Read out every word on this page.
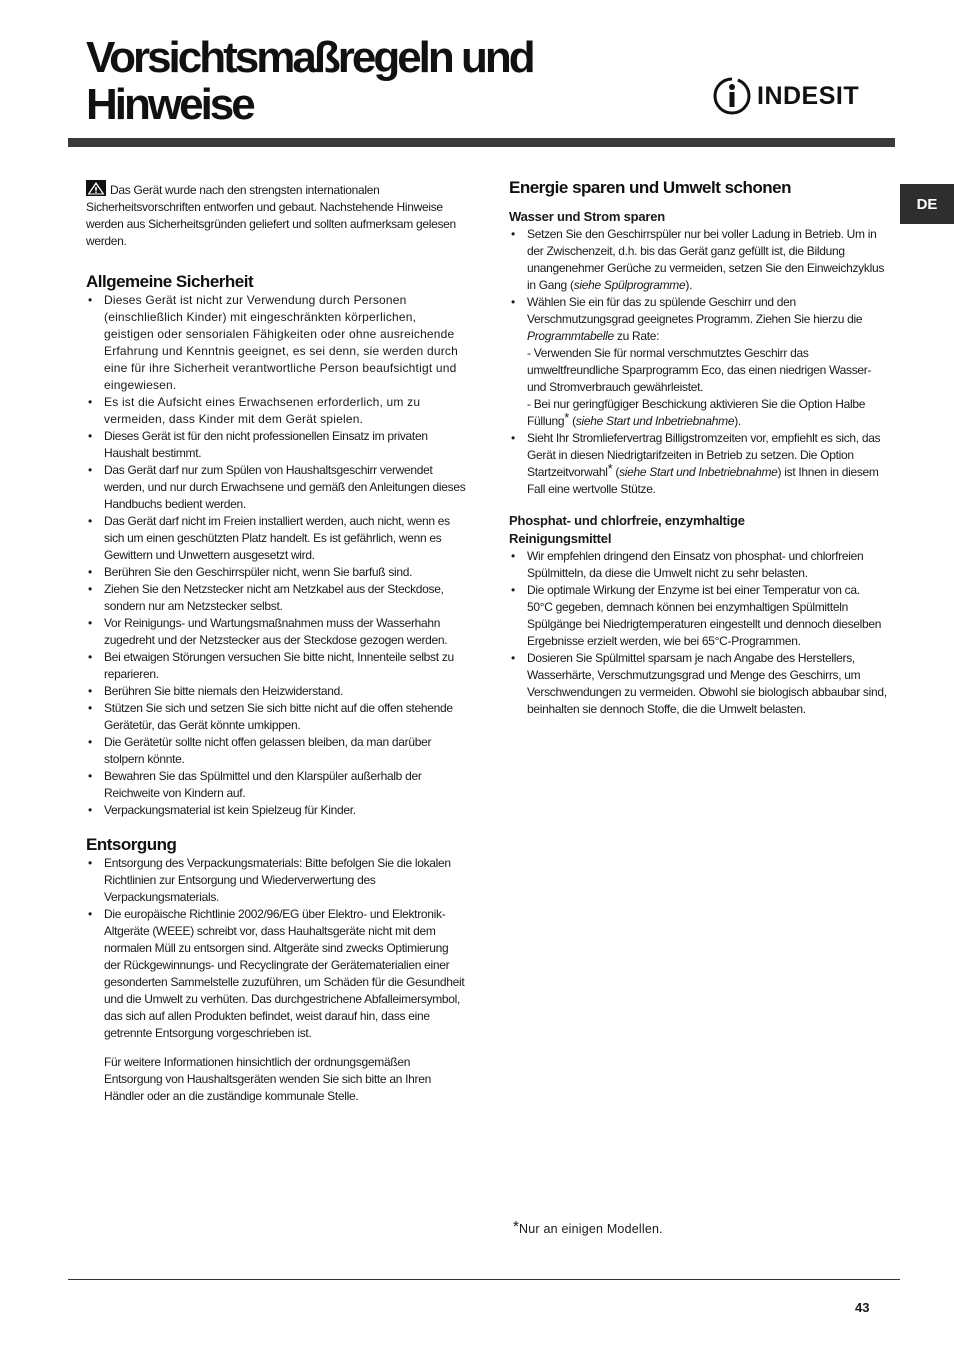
Vorsichtsmaßregeln und
Hinweise	INDESIT
DE

Das Gerät wurde nach den strengsten internationalen Sicherheitsvorschriften entworfen und gebaut. Nachstehende Hinweise werden aus Sicherheitsgründen geliefert und sollten aufmerksam gelesen werden.

Allgemeine Sicherheit
• Dieses Gerät ist nicht zur Verwendung durch Personen (einschließlich Kinder) mit eingeschränkten körperlichen, geistigen oder sensorialen Fähigkeiten oder ohne ausreichende Erfahrung und Kenntnis geeignet, es sei denn, sie werden durch eine für ihre Sicherheit verantwortliche Person beaufsichtigt und eingewiesen.
• Es ist die Aufsicht eines Erwachsenen erforderlich, um zu vermeiden, dass Kinder mit dem Gerät spielen.
• Dieses Gerät ist für den nicht professionellen Einsatz im privaten Haushalt bestimmt.
• Das Gerät darf nur zum Spülen von Haushaltsgeschirr verwendet werden, und nur durch Erwachsene und gemäß den Anleitungen dieses Handbuchs bedient werden.
• Das Gerät darf nicht im Freien installiert werden, auch nicht, wenn es sich um einen geschützten Platz handelt. Es ist gefährlich, wenn es Gewittern und Unwettern ausgesetzt wird.
• Berühren Sie den Geschirrspüler nicht, wenn Sie barfuß sind.
• Ziehen Sie den Netzstecker nicht am Netzkabel aus der Steckdose, sondern nur am Netzstecker selbst.
• Vor Reinigungs- und Wartungsmaßnahmen muss der Wasserhahn zugedreht und der Netzstecker aus der Steckdose gezogen werden.
• Bei etwaigen Störungen versuchen Sie bitte nicht, Innenteile selbst zu reparieren.
• Berühren Sie bitte niemals den Heizwiderstand.
• Stützen Sie sich und setzen Sie sich bitte nicht auf die offen stehende Gerätetür, das Gerät könnte umkippen.
• Die Gerätetür sollte nicht offen gelassen bleiben, da man darüber stolpern könnte.
• Bewahren Sie das Spülmittel und den Klarspüler außerhalb der Reichweite von Kindern auf.
• Verpackungsmaterial ist kein Spielzeug für Kinder.
Entsorgung
• Entsorgung des Verpackungsmaterials: Bitte befolgen Sie die lokalen Richtlinien zur Entsorgung und Wiederverwertung des Verpackungsmaterials.
• Die europäische Richtlinie 2002/96/EG über Elektro- und Elektronik-Altgeräte (WEEE) schreibt vor, dass Hauhaltsgeräte nicht mit dem normalen Müll zu entsorgen sind. Altgeräte sind zwecks Optimierung der Rückgewinnungs- und Recyclingrate der Gerätematerialien einer gesonderten Sammelstelle zuzuführen, um Schäden für die Gesundheit und die Umwelt zu verhüten. Das durchgestrichene Abfalleimersymbol, das sich auf allen Produkten befindet, weist darauf hin, dass eine getrennte Entsorgung vorgeschrieben ist.

Für weitere Informationen hinsichtlich der ordnungsgemäßen Entsorgung von Haushaltsgeräten wenden Sie sich bitte an Ihren Händler oder an die zuständige kommunale Stelle.

Energie sparen und Umwelt schonen
Wasser und Strom sparen
• Setzen Sie den Geschirrspüler nur bei voller Ladung in Betrieb. Um in der Zwischenzeit, d.h. bis das Gerät ganz gefüllt ist, die Bildung unangenehmer Gerüche zu vermeiden, setzen Sie den Einweichzyklus in Gang (siehe Spülprogramme).
• Wählen Sie ein für das zu spülende Geschirr und den Verschmutzungsgrad geeignetes Programm. Ziehen Sie hierzu die Programmtabelle zu Rate:
- Verwenden Sie für normal verschmutztes Geschirr das umweltfreundliche Sparprogramm Eco, das einen niedrigen Wasser- und Stromverbrauch gewährleistet.
- Bei nur geringfügiger Beschickung aktivieren Sie die Option Halbe Füllung* (siehe Start und Inbetriebnahme).
• Sieht Ihr Stromliefervertrag Billigstromzeiten vor, empfiehlt es sich, das Gerät in diesen Niedrigtarifzeiten in Betrieb zu setzen. Die Option Startzeitvorwahl* (siehe Start und Inbetriebnahme) ist Ihnen in diesem Fall eine wertvolle Stütze.
Phosphat- und chlorfreie, enzymhaltige
Reinigungsmittel
• Wir empfehlen dringend den Einsatz von phosphat- und chlorfreien Spülmitteln, da diese die Umwelt nicht zu sehr belasten.
• Die optimale Wirkung der Enzyme ist bei einer Temperatur von ca. 50°C gegeben, demnach können bei enzymhaltigen Spülmitteln Spülgänge bei Niedrigtemperaturen eingestellt und dennoch dieselben Ergebnisse erzielt werden, wie bei 65°C-Programmen.
• Dosieren Sie Spülmittel sparsam je nach Angabe des Herstellers, Wasserhärte, Verschmutzungsgrad und Menge des Geschirrs, um Verschwendungen zu vermeiden. Obwohl sie biologisch abbaubar sind, beinhalten sie dennoch Stoffe, die die Umwelt belasten.
*Nur an einigen Modellen.
43
